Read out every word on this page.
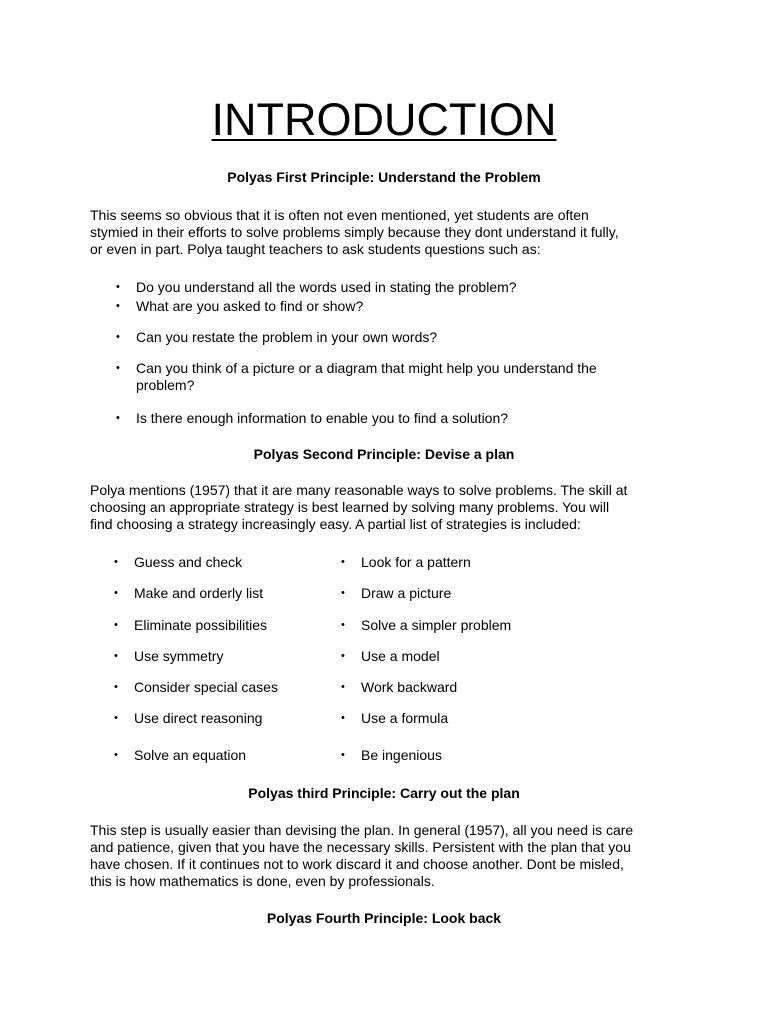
INTRODUCTION
Polyas First Principle: Understand the Problem
This seems so obvious that it is often not even mentioned, yet students are often
stymied in their efforts to solve problems simply because they dont understand it fully,
or even in part. Polya taught teachers to ask students questions such as:
• Do you understand all the words used in stating the problem?
• What are you asked to find or show?
• Can you restate the problem in your own words?
• Can you think of a picture or a diagram that might help you understand the problem?
• Is there enough information to enable you to find a solution?
Polyas Second Principle: Devise a plan
Polya mentions (1957) that it are many reasonable ways to solve problems. The skill at
choosing an appropriate strategy is best learned by solving many problems. You will
find choosing a strategy increasingly easy. A partial list of strategies is included:
• Guess and check
• Make and orderly list
• Eliminate possibilities
• Use symmetry
• Consider special cases
• Use direct reasoning
• Solve an equation
• Look for a pattern
• Draw a picture
• Solve a simpler problem
• Use a model
• Work backward
• Use a formula
• Be ingenious
Polyas third Principle: Carry out the plan
This step is usually easier than devising the plan. In general (1957), all you need is care
and patience, given that you have the necessary skills. Persistent with the plan that you
have chosen. If it continues not to work discard it and choose another. Dont be misled,
this is how mathematics is done, even by professionals.
Polyas Fourth Principle: Look back
